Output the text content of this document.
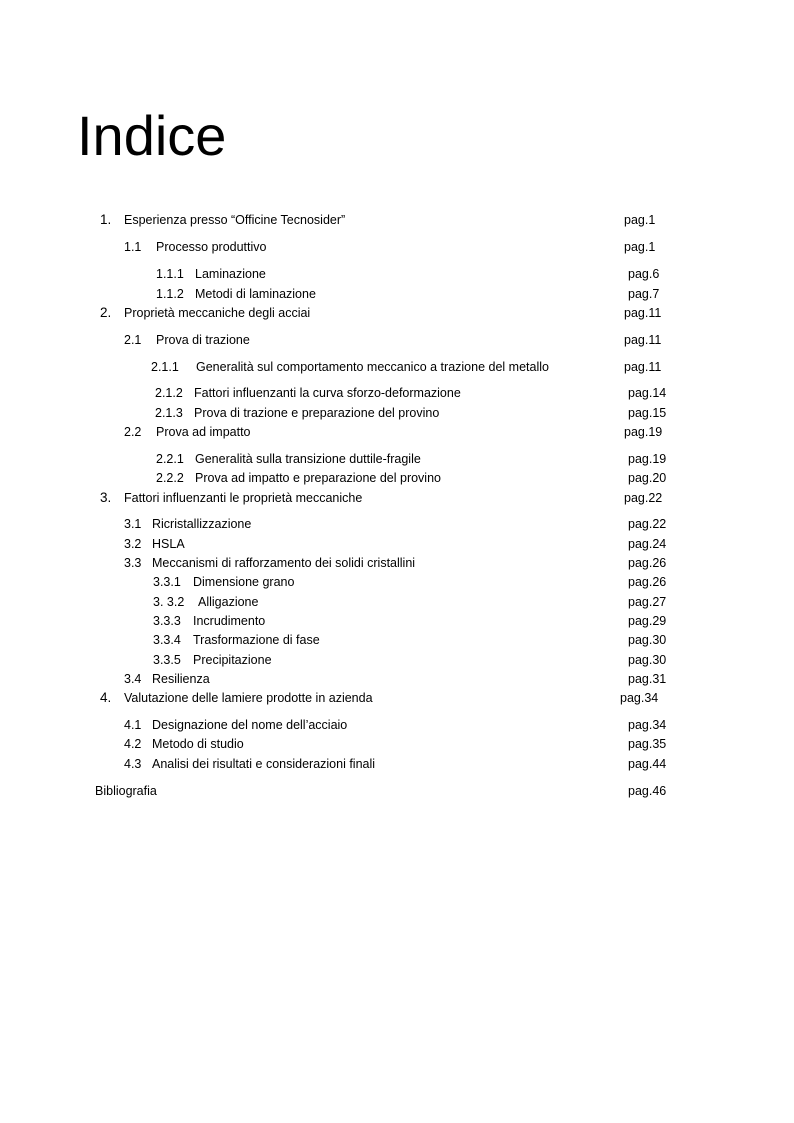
Indice
1. Esperienza presso “Officine Tecnosider”	pag.1
1.1 Processo produttivo	pag.1
1.1.1 Laminazione	pag.6
1.1.2 Metodi di laminazione	pag.7
2. Proprietà meccaniche degli acciai	pag.11
2.1 Prova di trazione	pag.11
2.1.1 Generalità sul comportamento meccanico a trazione del metallo	pag.11
2.1.2 Fattori influenzanti la curva sforzo-deformazione	pag.14
2.1.3 Prova di trazione e preparazione del provino	pag.15
2.2 Prova ad impatto	pag.19
2.2.1 Generalità sulla transizione duttile-fragile	pag.19
2.2.2 Prova ad impatto e preparazione del provino	pag.20
3. Fattori influenzanti le proprietà meccaniche	pag.22
3.1 Ricristallizzazione	pag.22
3.2 HSLA	pag.24
3.3 Meccanismi di rafforzamento dei solidi cristallini	pag.26
3.3.1 Dimensione grano	pag.26
3. 3.2 Alligazione	pag.27
3.3.3 Incrudimento	pag.29
3.3.4 Trasformazione di fase	pag.30
3.3.5 Precipitazione	pag.30
3.4 Resilienza	pag.31
4. Valutazione delle lamiere prodotte in azienda	pag.34
4.1 Designazione del nome dell’acciaio	pag.34
4.2 Metodo di studio	pag.35
4.3 Analisi dei risultati e considerazioni finali	pag.44
Bibliografia	pag.46
